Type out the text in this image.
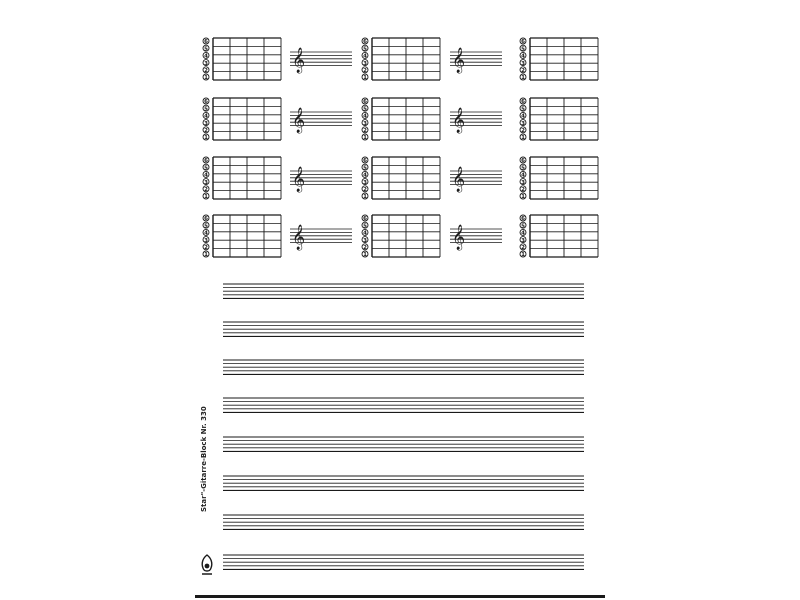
6
5
4
3
2
1
𝄞
6
5
4
3
2
1
𝄞
6
5
4
3
2
1
6
5
4
3
2
1
𝄞
6
5
4
3
2
1
𝄞
6
5
4
3
2
1
6
5
4
3
2
1
𝄞
6
5
4
3
2
1
𝄞
6
5
4
3
2
1
6
5
4
3
2
1
𝄞
6
5
4
3
2
1
𝄞
6
5
4
3
2
1
Star"-Gitarre-Block Nr. 330
